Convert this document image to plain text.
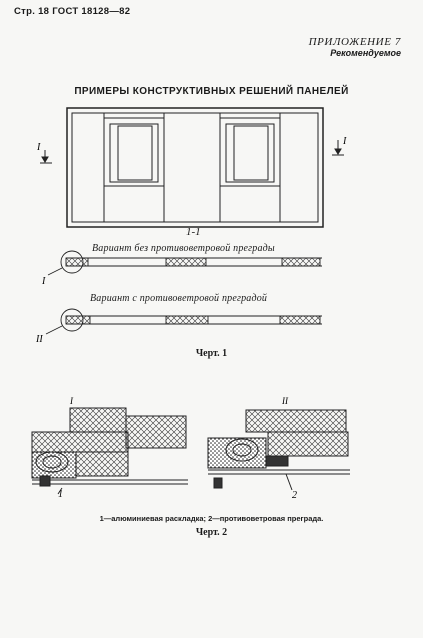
Стр. 18 ГОСТ 18128—82
ПРИЛОЖЕНИЕ 7
Рекомендуемое
ПРИМЕРЫ КОНСТРУКТИВНЫХ РЕШЕНИЙ ПАНЕЛЕЙ
I
I
I
II
1
I
2
II
1-1
Вариант без противоветровой преграды
Вариант с противоветровой преградой
Черт. 1
1—алюминиевая раскладка; 2—противоветровая преграда.
Черт. 2
